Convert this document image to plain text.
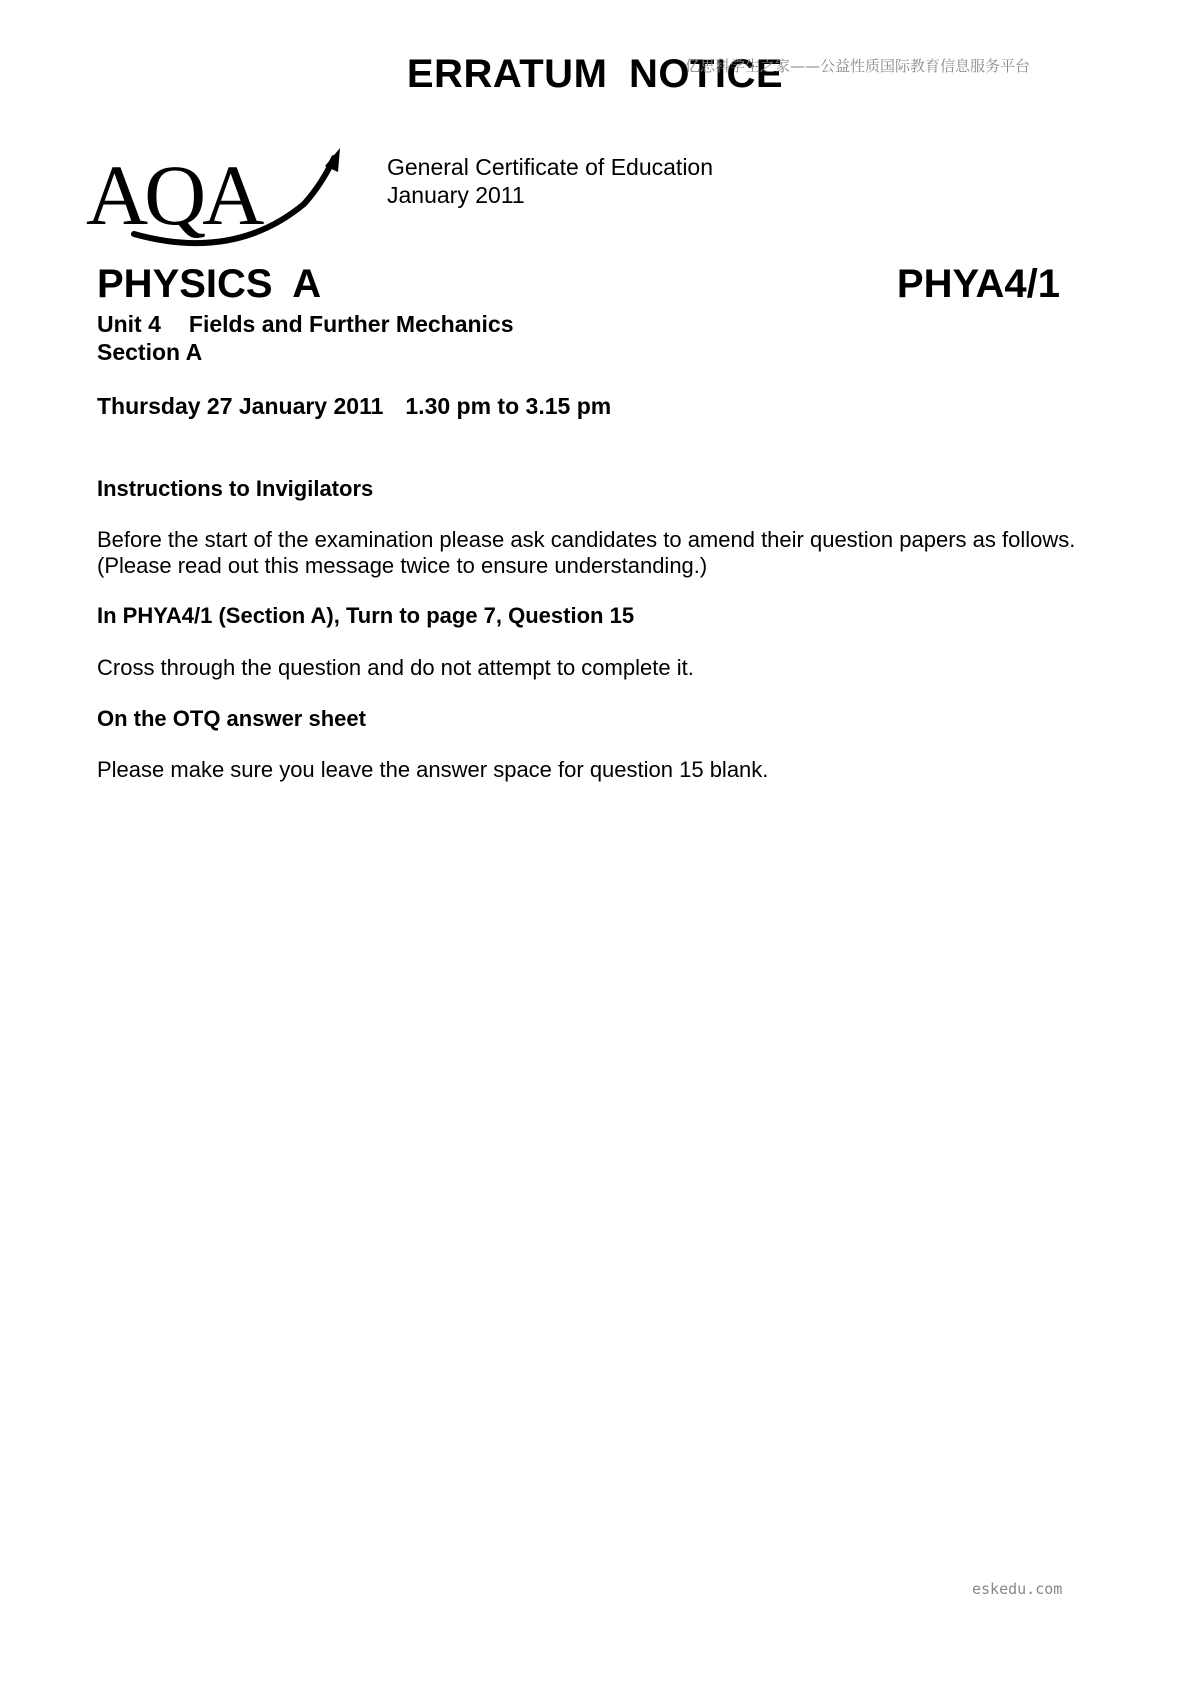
ERRATUM NOTICE
亿思科学生之家——公益性质国际教育信息服务平台
AQA	General Certificate of Education
January 2011
PHYSICS A	PHYA4/1
Unit 4 Fields and Further Mechanics
Section A
Thursday 27 January 2011 1.30 pm to 3.15 pm
Instructions to Invigilators
Before the start of the examination please ask candidates to amend their question papers as follows.
(Please read out this message twice to ensure understanding.)
In PHYA4/1 (Section A), Turn to page 7, Question 15
Cross through the question and do not attempt to complete it.
On the OTQ answer sheet
Please make sure you leave the answer space for question 15 blank.
eskedu.com
